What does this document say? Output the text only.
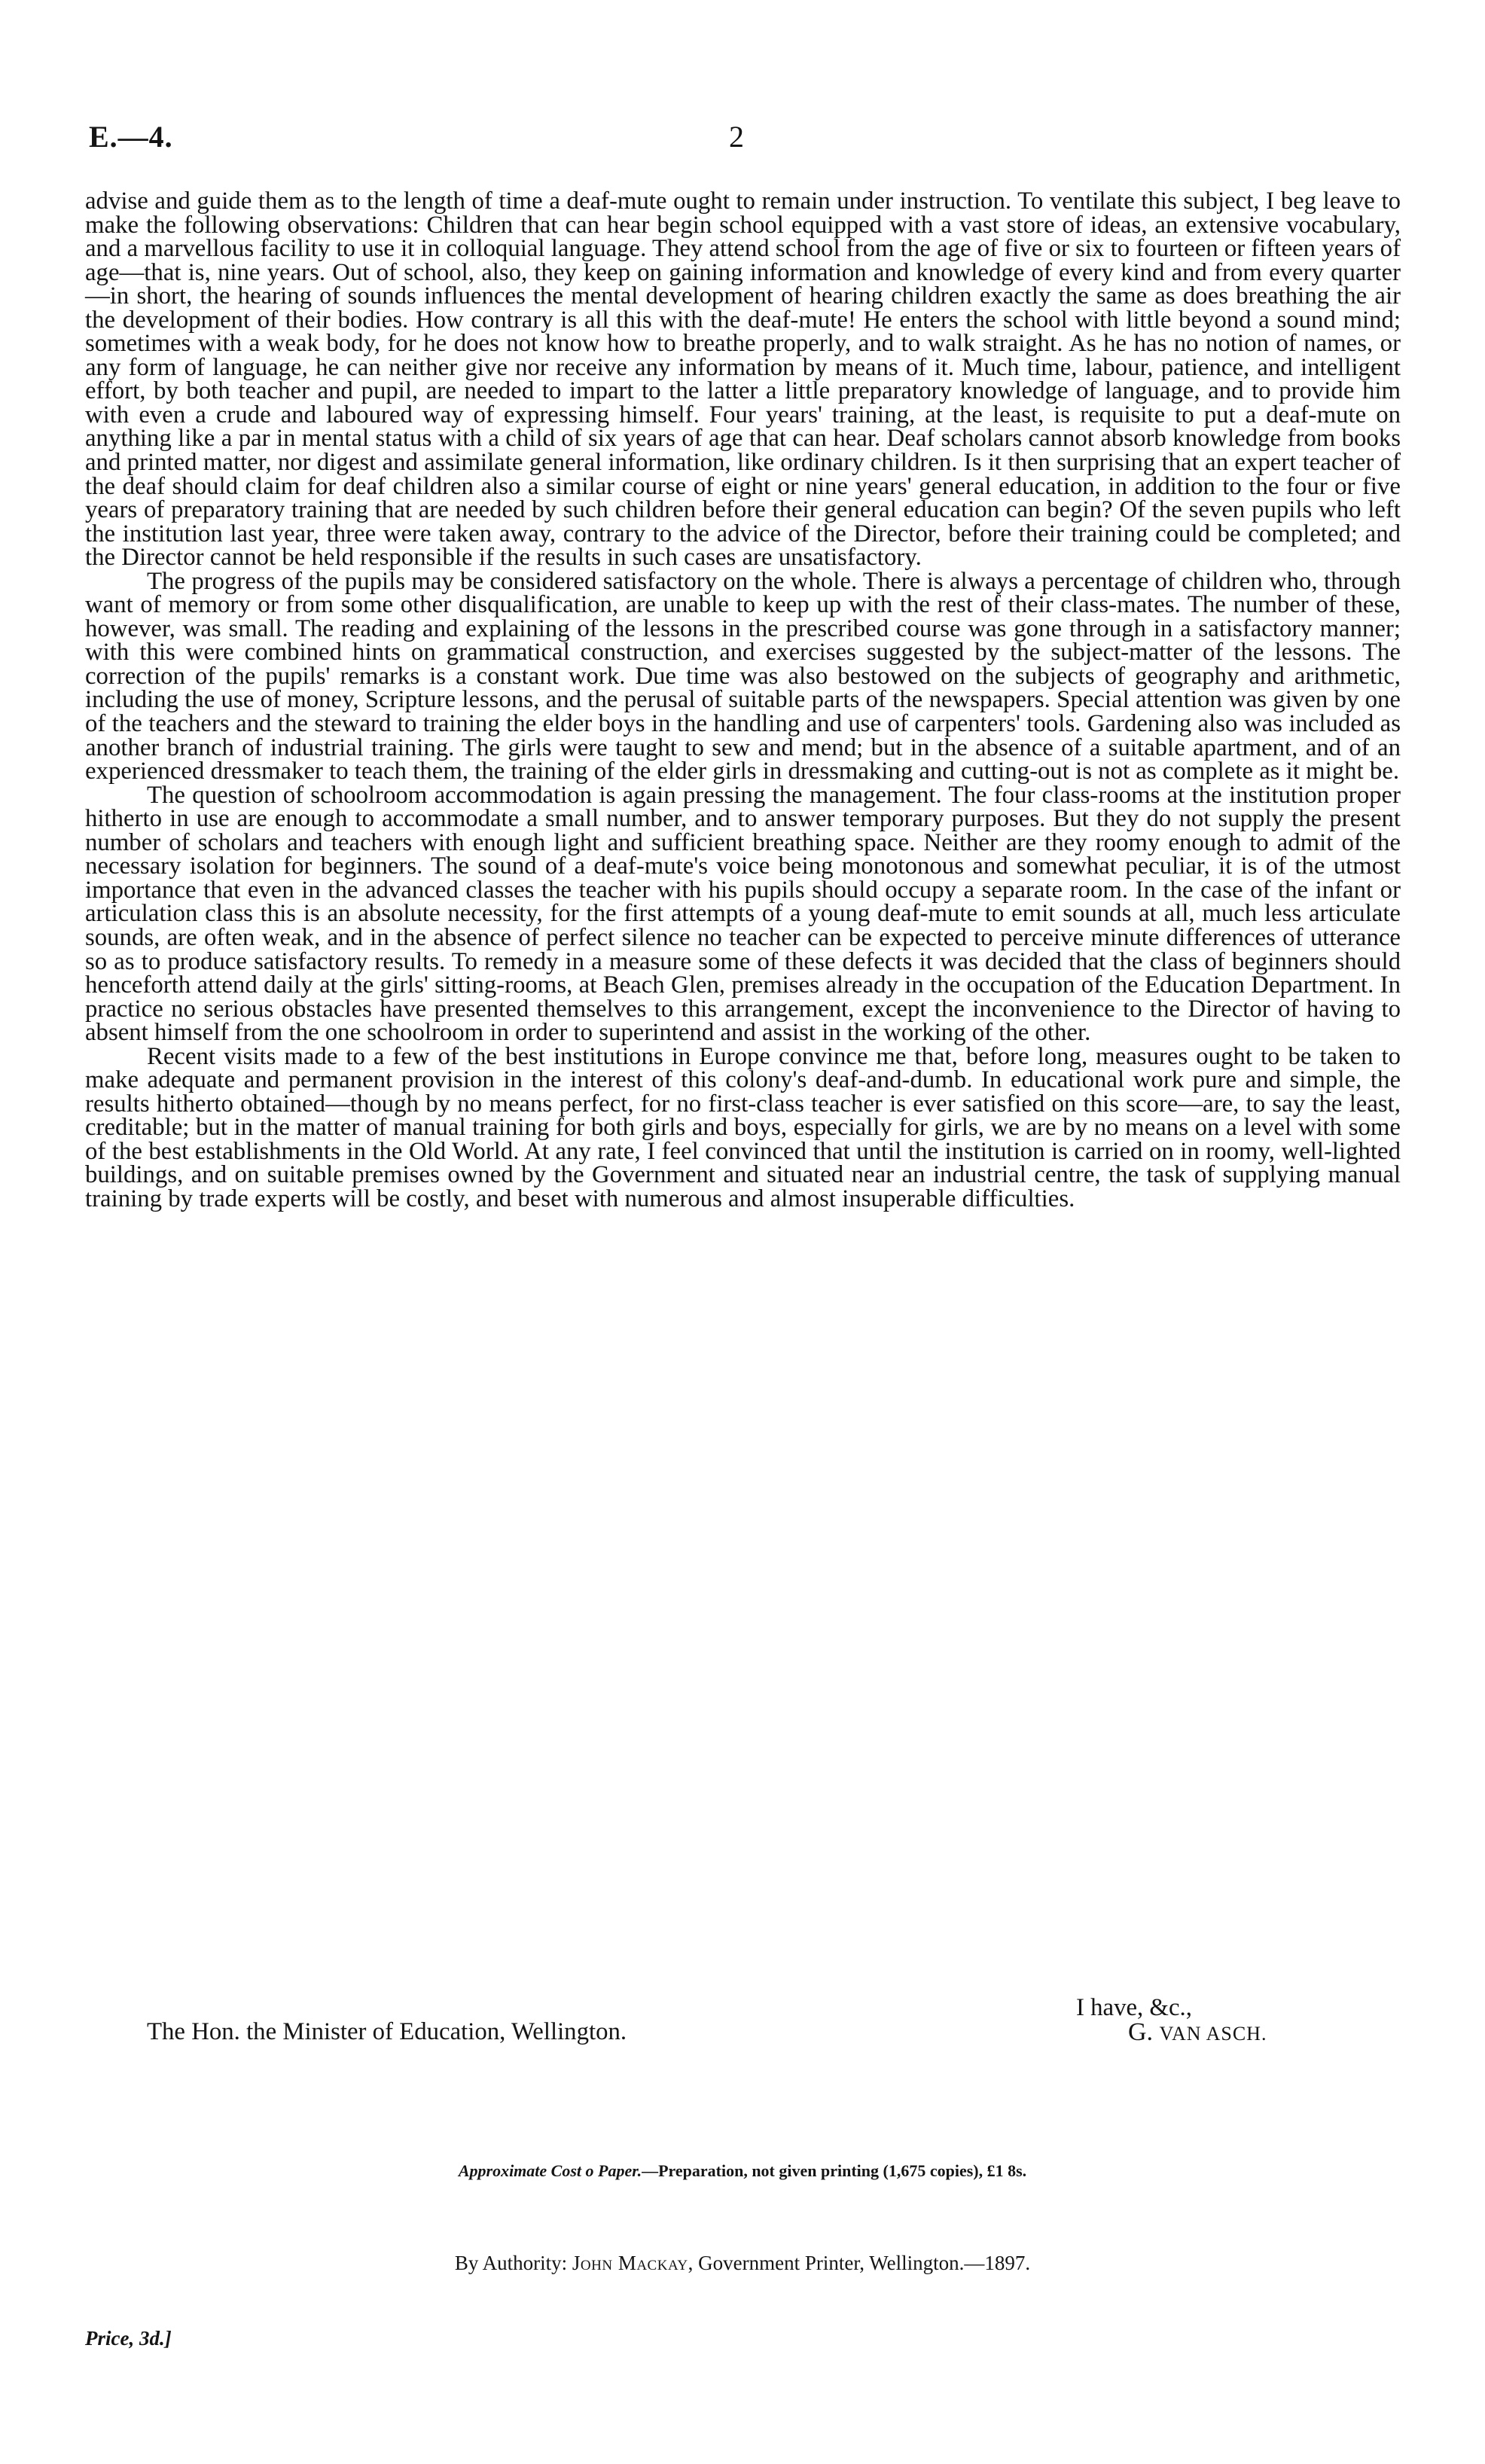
E.—4.	2

advise and guide them as to the length of time a deaf-mute ought to remain under instruction. To ventilate this subject, I beg leave to make the following observations: Children that can hear begin school equipped with a vast store of ideas, an extensive vocabulary, and a marvellous facility to use it in colloquial language. They attend school from the age of five or six to fourteen or fifteen years of age—that is, nine years. Out of school, also, they keep on gaining information and knowledge of every kind and from every quarter—in short, the hearing of sounds influences the mental development of hearing children exactly the same as does breathing the air the development of their bodies. How contrary is all this with the deaf-mute! He enters the school with little beyond a sound mind; sometimes with a weak body, for he does not know how to breathe properly, and to walk straight. As he has no notion of names, or any form of language, he can neither give nor receive any information by means of it. Much time, labour, patience, and intelligent effort, by both teacher and pupil, are needed to impart to the latter a little preparatory knowledge of language, and to provide him with even a crude and laboured way of expressing himself. Four years' training, at the least, is requisite to put a deaf-mute on anything like a par in mental status with a child of six years of age that can hear. Deaf scholars cannot absorb knowledge from books and printed matter, nor digest and assimilate general information, like ordinary children. Is it then surprising that an expert teacher of the deaf should claim for deaf children also a similar course of eight or nine years' general education, in addition to the four or five years of preparatory training that are needed by such children before their general education can begin? Of the seven pupils who left the institution last year, three were taken away, contrary to the advice of the Director, before their training could be completed; and the Director cannot be held responsible if the results in such cases are unsatisfactory.

The progress of the pupils may be considered satisfactory on the whole. There is always a percentage of children who, through want of memory or from some other disqualification, are unable to keep up with the rest of their class-mates. The number of these, however, was small. The reading and explaining of the lessons in the prescribed course was gone through in a satisfactory manner; with this were combined hints on grammatical construction, and exercises suggested by the subject-matter of the lessons. The correction of the pupils' remarks is a constant work. Due time was also bestowed on the subjects of geography and arithmetic, including the use of money, Scripture lessons, and the perusal of suitable parts of the newspapers. Special attention was given by one of the teachers and the steward to training the elder boys in the handling and use of carpenters' tools. Gardening also was included as another branch of industrial training. The girls were taught to sew and mend; but in the absence of a suitable apartment, and of an experienced dressmaker to teach them, the training of the elder girls in dressmaking and cutting-out is not as complete as it might be.

The question of schoolroom accommodation is again pressing the management. The four class-rooms at the institution proper hitherto in use are enough to accommodate a small number, and to answer temporary purposes. But they do not supply the present number of scholars and teachers with enough light and sufficient breathing space. Neither are they roomy enough to admit of the necessary isolation for beginners. The sound of a deaf-mute's voice being monotonous and somewhat peculiar, it is of the utmost importance that even in the advanced classes the teacher with his pupils should occupy a separate room. In the case of the infant or articulation class this is an absolute necessity, for the first attempts of a young deaf-mute to emit sounds at all, much less articulate sounds, are often weak, and in the absence of perfect silence no teacher can be expected to perceive minute differences of utterance so as to produce satisfactory results. To remedy in a measure some of these defects it was decided that the class of beginners should henceforth attend daily at the girls' sitting-rooms, at Beach Glen, premises already in the occupation of the Education Department. In practice no serious obstacles have presented themselves to this arrangement, except the inconvenience to the Director of having to absent himself from the one schoolroom in order to superintend and assist in the working of the other.

Recent visits made to a few of the best institutions in Europe convince me that, before long, measures ought to be taken to make adequate and permanent provision in the interest of this colony's deaf-and-dumb. In educational work pure and simple, the results hitherto obtained—though by no means perfect, for no first-class teacher is ever satisfied on this score—are, to say the least, creditable; but in the matter of manual training for both girls and boys, especially for girls, we are by no means on a level with some of the best establishments in the Old World. At any rate, I feel convinced that until the institution is carried on in roomy, well-lighted buildings, and on suitable premises owned by the Government and situated near an industrial centre, the task of supplying manual training by trade experts will be costly, and beset with numerous and almost insuperable difficulties.

I have, &c.,
The Hon. the Minister of Education, Wellington.	G. VAN ASCH.
Approximate Cost o Paper.—Preparation, not given printing (1,675 copies), £1 8s.
By Authority: John Mackay, Government Printer, Wellington.—1897.
Price, 3d.]
